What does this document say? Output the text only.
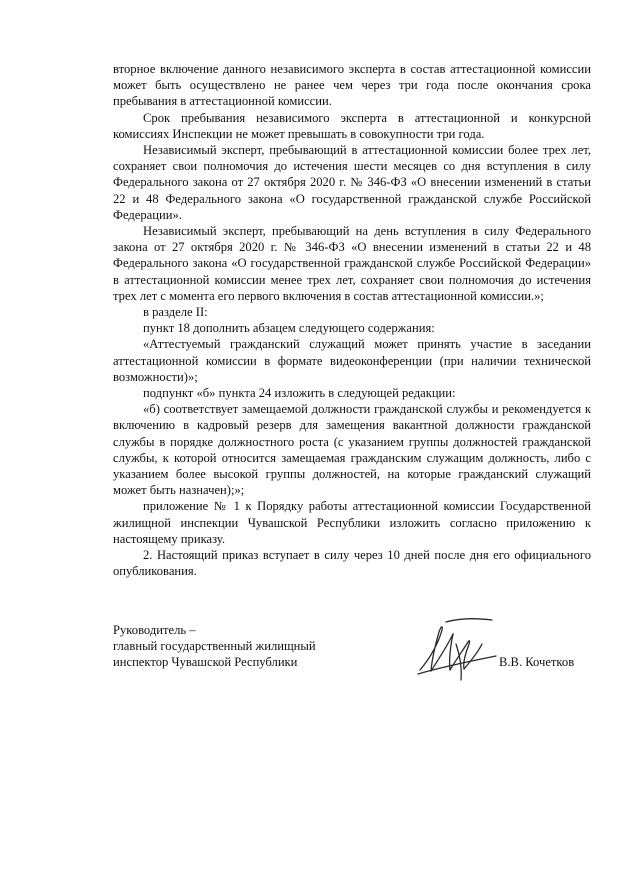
вторное включение данного независимого эксперта в состав аттестационной комиссии может быть осуществлено не ранее чем через три года после окончания срока пребывания в аттестационной комиссии.

Срок пребывания независимого эксперта в аттестационной и конкурсной комиссиях Инспекции не может превышать в совокупности три года.

Независимый эксперт, пребывающий в аттестационной комиссии более трех лет, сохраняет свои полномочия до истечения шести месяцев со дня вступления в силу Федерального закона от 27 октября 2020 г. № 346-ФЗ «О внесении изменений в статьи 22 и 48 Федерального закона «О государственной гражданской службе Российской Федерации».

Независимый эксперт, пребывающий на день вступления в силу Федерального закона от 27 октября 2020 г. № 346-ФЗ «О внесении изменений в статьи 22 и 48 Федерального закона «О государственной гражданской службе Российской Федерации» в аттестационной комиссии менее трех лет, сохраняет свои полномочия до истечения трех лет с момента его первого включения в состав аттестационной комиссии.»;

в разделе II:

пункт 18 дополнить абзацем следующего содержания:

«Аттестуемый гражданский служащий может принять участие в заседании аттестационной комиссии в формате видеоконференции (при наличии технической возможности)»;

подпункт «б» пункта 24 изложить в следующей редакции:

«б) соответствует замещаемой должности гражданской службы и рекомендуется к включению в кадровый резерв для замещения вакантной должности гражданской службы в порядке должностного роста (с указанием группы должностей гражданской службы, к которой относится замещаемая гражданским служащим должность, либо с указанием более высокой группы должностей, на которые гражданский служащий может быть назначен);»;

приложение № 1 к Порядку работы аттестационной комиссии Государственной жилищной инспекции Чувашской Республики изложить согласно приложению к настоящему приказу.

2. Настоящий приказ вступает в силу через 10 дней после дня его официального опубликования.

Руководитель –
главный государственный жилищный
инспектор Чувашской Республики	В.В. Кочетков
